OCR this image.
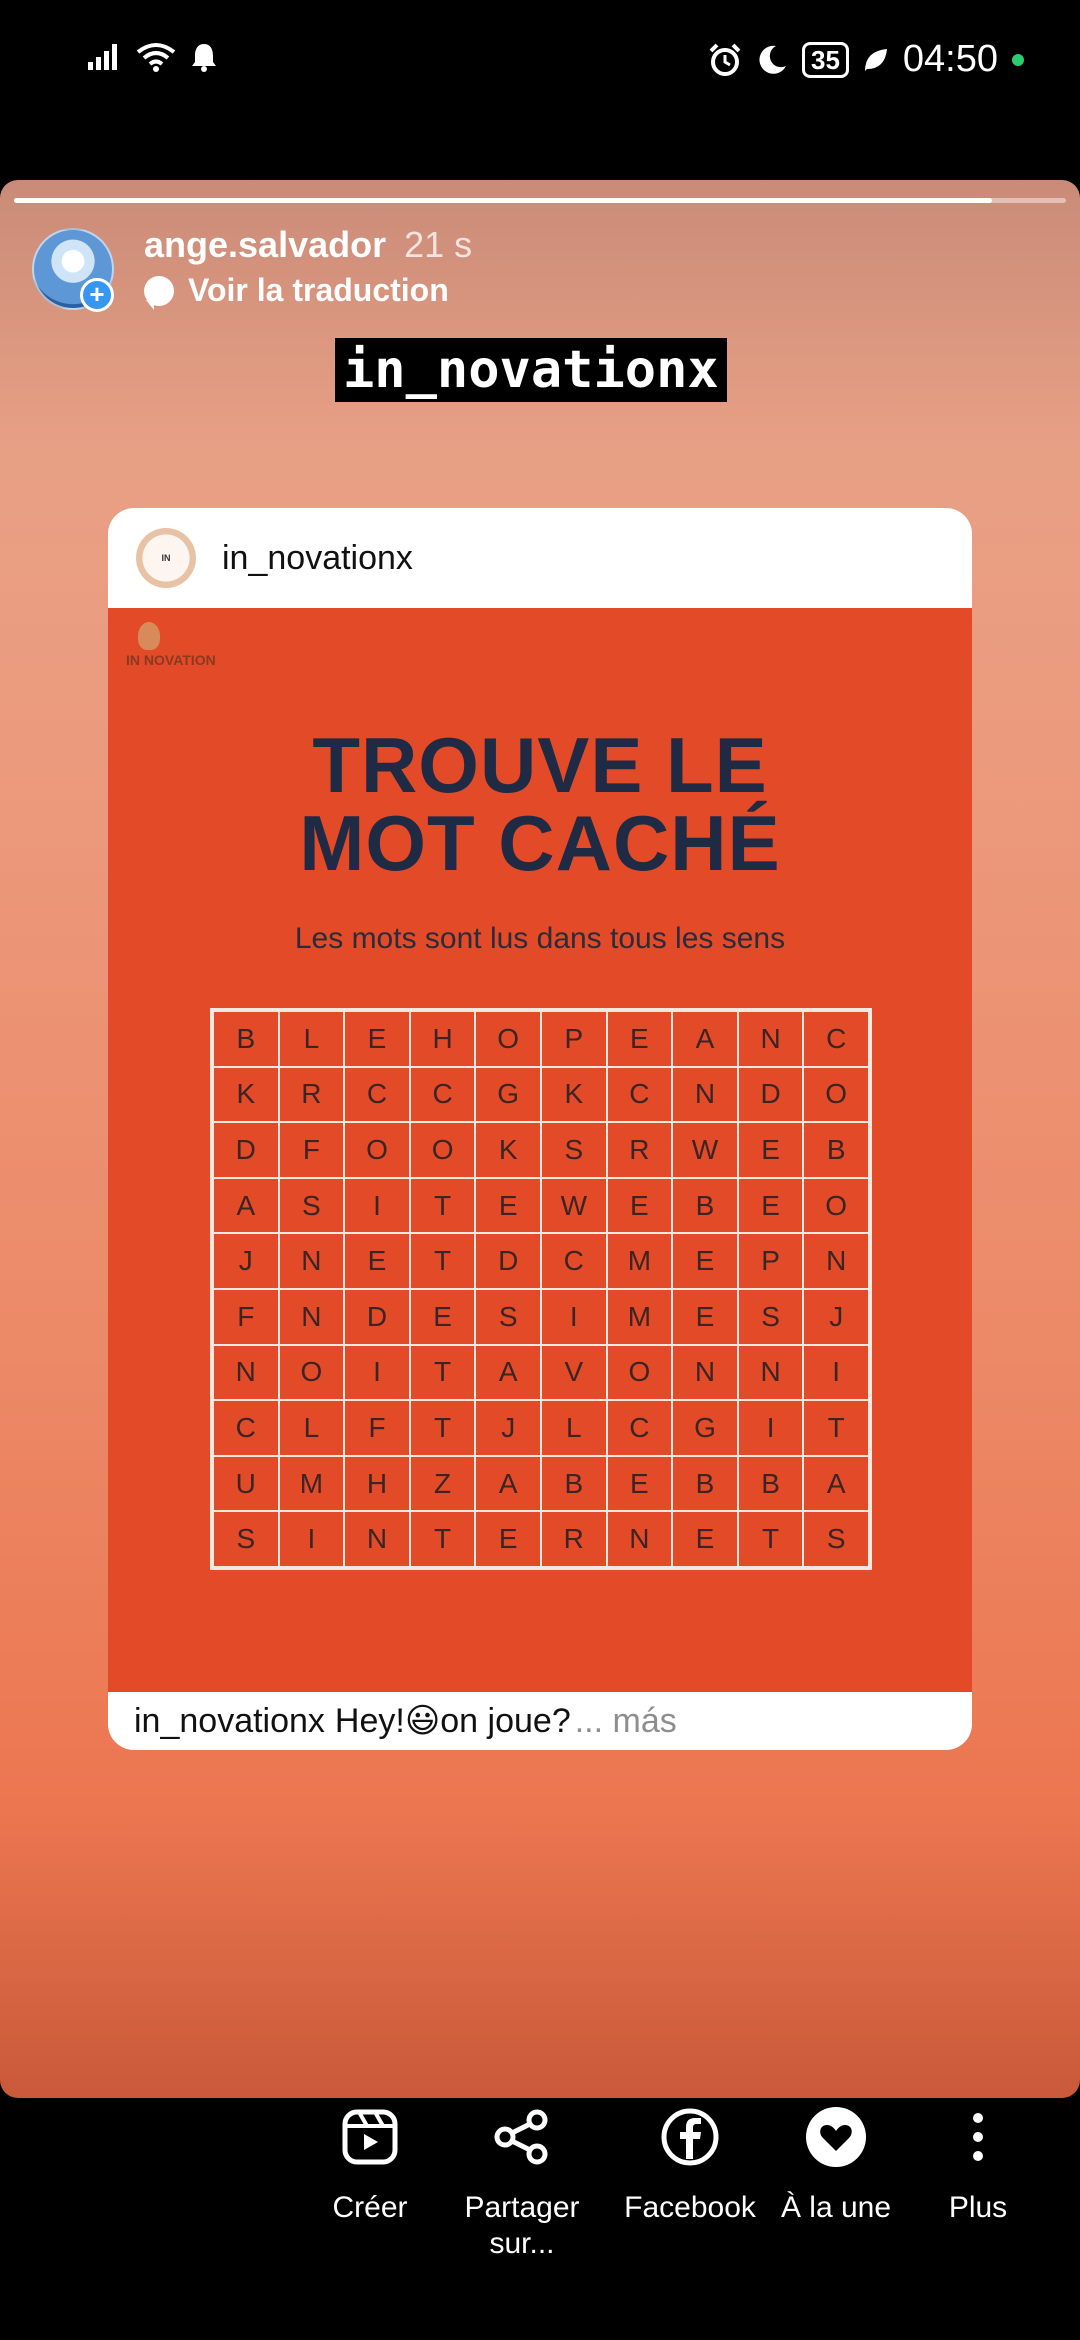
35 04:50
+
ange.salvador 21 s
Voir la traduction
in_novationx
IN	in_novationx
IN NOVATION
TROUVE LE
MOT CACHÉ
Les mots sont lus dans tous les sens
B	L	E	H	O	P	E	A	N	C
K	R	C	C	G	K	C	N	D	O
D	F	O	O	K	S	R	W	E	B
A	S	I	T	E	W	E	B	E	O
J	N	E	T	D	C	M	E	P	N
F	N	D	E	S	I	M	E	S	J
N	O	I	T	A	V	O	N	N	I
C	L	F	T	J	L	C	G	I	T
U	M	H	Z	A	B	E	B	B	A
S	I	N	T	E	R	N	E	T	S
in_novationx Hey!😃on joue? ... más
Créer	Partager sur...
Facebook À la une	Plus
